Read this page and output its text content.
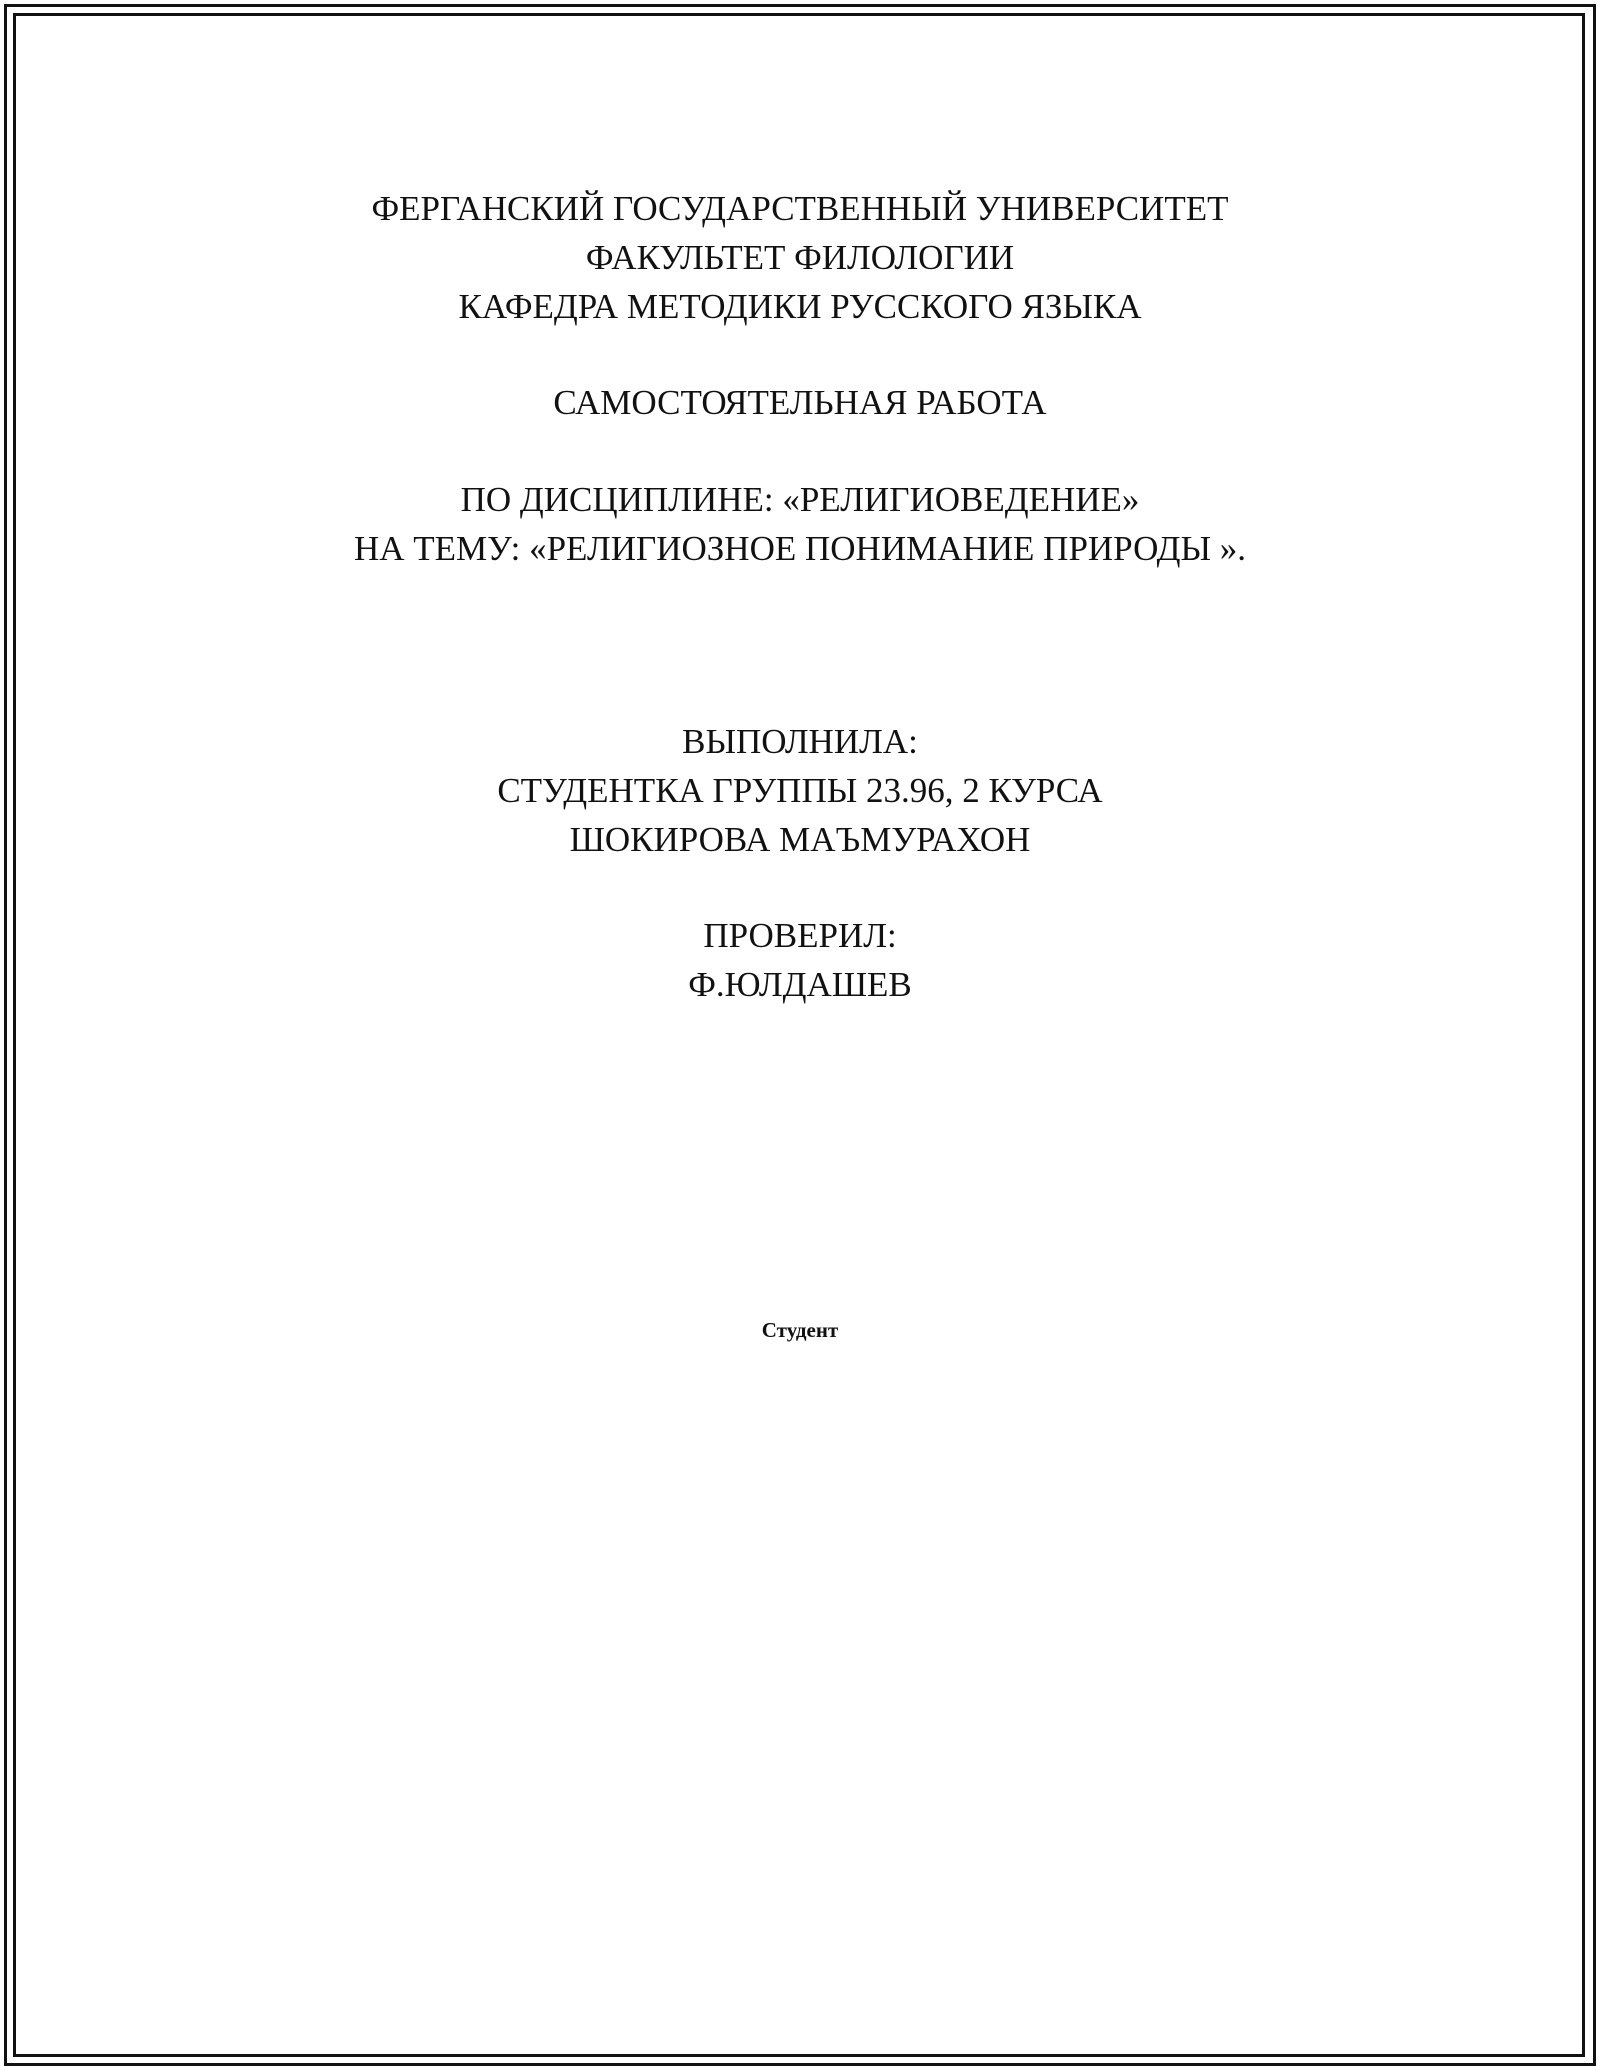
ФЕРГАНСКИЙ ГОСУДАРСТВЕННЫЙ УНИВЕРСИТЕТ
ФАКУЛЬТЕТ ФИЛОЛОГИИ
КАФЕДРА МЕТОДИКИ РУССКОГО ЯЗЫКА
САМОСТОЯТЕЛЬНАЯ РАБОТА
ПО ДИСЦИПЛИНЕ: «РЕЛИГИОВЕДЕНИЕ»
НА ТЕМУ: «РЕЛИГИОЗНОЕ ПОНИМАНИЕ ПРИРОДЫ ».
ВЫПОЛНИЛА:
СТУДЕНТКА ГРУППЫ 23.96, 2 КУРСА
ШОКИРОВА МАЪМУРАХОН
ПРОВЕРИЛ:
Ф.ЮЛДАШЕВ
Студент
